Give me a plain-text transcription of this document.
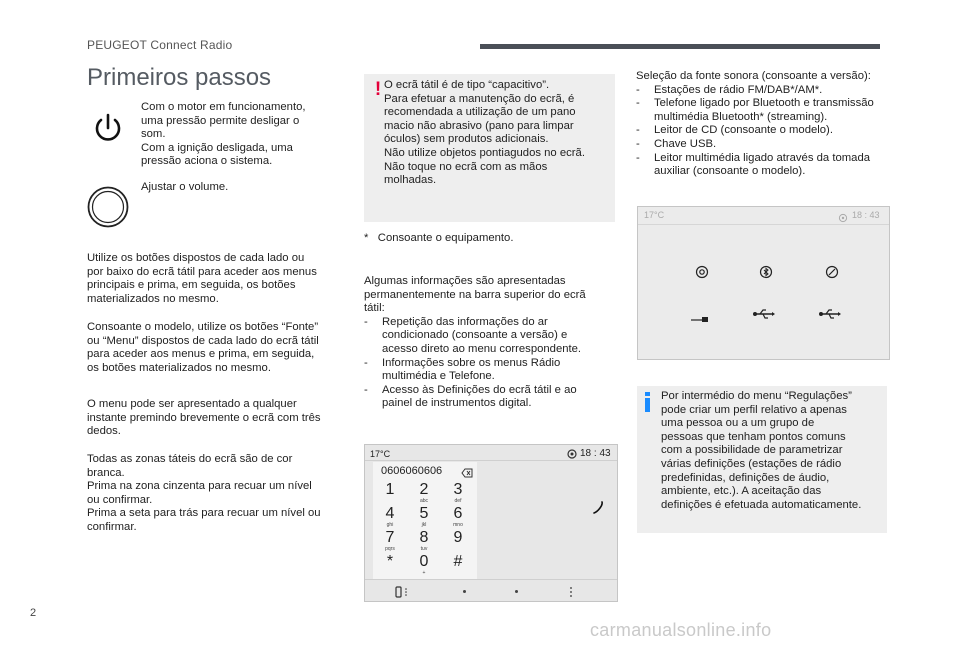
PEUGEOT Connect Radio
Primeiros passos

Com o motor em funcionamento,

uma pressão permite desligar o

som.

Com a ignição desligada, uma

pressão aciona o sistema.

Ajustar o volume.

Utilize os botões dispostos de cada lado ou

por baixo do ecrã tátil para aceder aos menus

principais e prima, em seguida, os botões

materializados no mesmo.

Consoante o modelo, utilize os botões “Fonte”

ou “Menu” dispostos de cada lado do ecrã tátil

para aceder aos menus e prima, em seguida,

os botões materializados no mesmo.

O menu pode ser apresentado a qualquer

instante premindo brevemente o ecrã com três

dedos.

Todas as zonas táteis do ecrã são de cor

branca.

Prima na zona cinzenta para recuar um nível

ou confirmar.

Prima a seta para trás para recuar um nível ou

confirmar.

! O ecrã tátil é de tipo “capacitivo”.

Para efetuar a manutenção do ecrã, é

recomendada a utilização de um pano

macio não abrasivo (pano para limpar

óculos) sem produtos adicionais.

Não utilize objetos pontiagudos no ecrã.

Não toque no ecrã com as mãos

molhadas.

*   Consoante o equipamento.

Algumas informações são apresentadas

permanentemente na barra superior do ecrã

tátil:

- Repetição das informações do ar
condicionado (consoante a versão) e
acesso direto ao menu correspondente.
- Informações sobre os menus Rádio
multimédia e Telefone.
- Acesso às Definições do ecrã tátil e ao
painel de instrumentos digital.
17°C	18 : 43
0606060606
1	2
abc
3
def
4
ghi
5
jkl
6
mno
7
pqrs
8
tuv
9
*	0
+
#

Seleção da fonte sonora (consoante a versão):

- Estações de rádio FM/DAB*/AM*.
- Telefone ligado por Bluetooth e transmissão
multimédia Bluetooth* (streaming).
- Leitor de CD (consoante o modelo).
- Chave USB.
- Leitor multimédia ligado através da tomada
auxiliar (consoante o modelo).
17°C	18 : 43

Por intermédio do menu “Regulações”

pode criar um perfil relativo a apenas

uma pessoa ou a um grupo de

pessoas que tenham pontos comuns

com a possibilidade de parametrizar

várias definições (estações de rádio

predefinidas, definições de áudio,

ambiente, etc.). A aceitação das

definições é efetuada automaticamente.

2
carmanualsonline.info
